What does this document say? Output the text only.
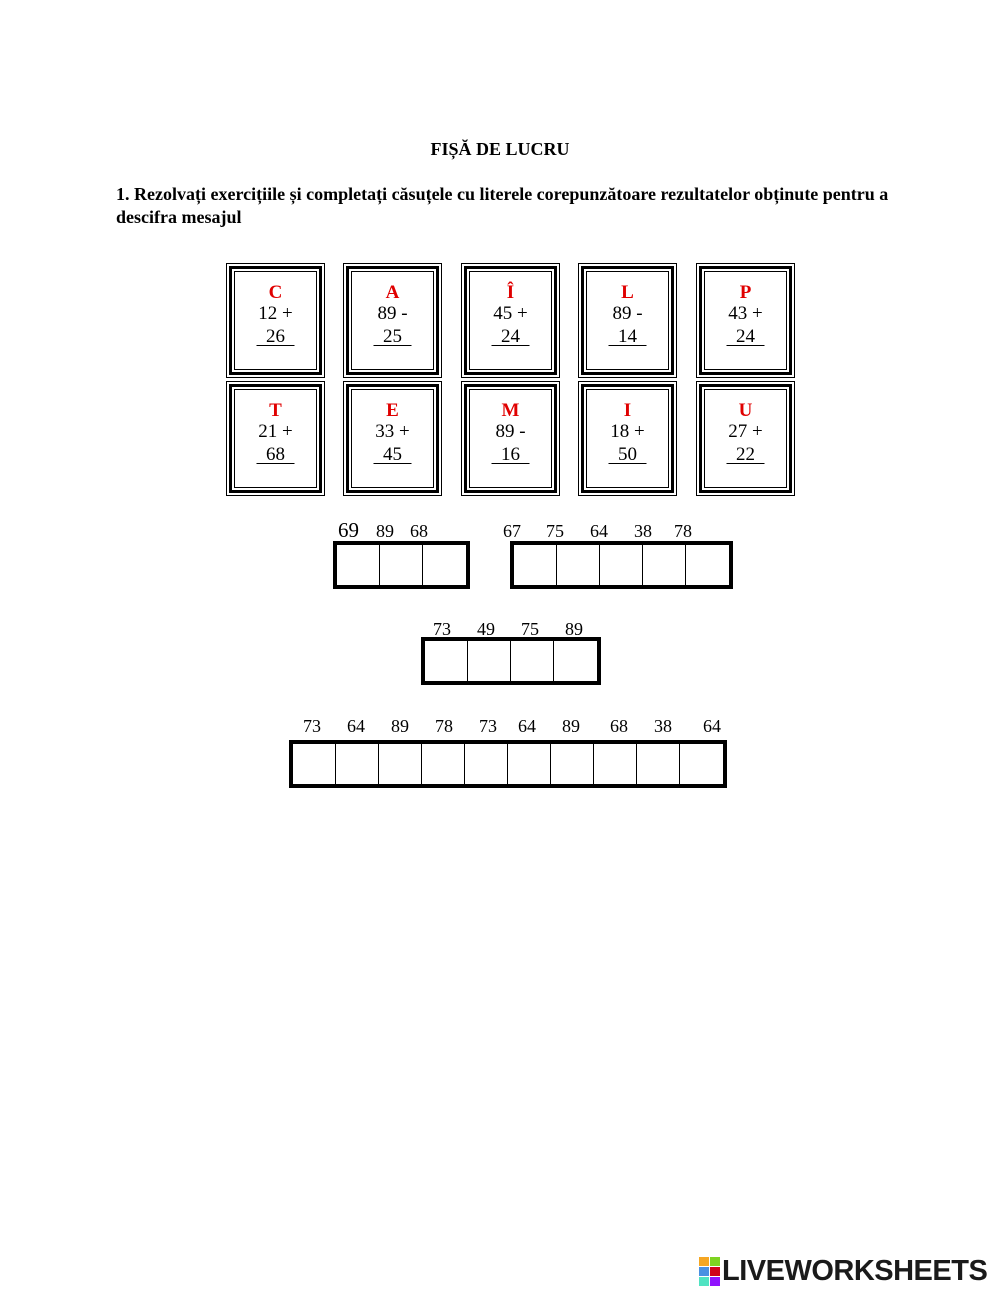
FIȘĂ DE LUCRU
1. Rezolvați exercițiile și completați căsuțele cu literele corepunzătoare rezultatelor obținute pentru a descifra mesajul
C
12 +
26
A
89 -
25
Î
45 +
24
L
89 -
14
P
43 +
24
T
21 +
68
E
33 +
45
M
89 -
16
I
18 +
50
U
27 +
22
69 89 68	67 75 64 38 78
73 49 75 89
73 64 89 78 73 64 89 68 38 64
LIVEWORKSHEETS
